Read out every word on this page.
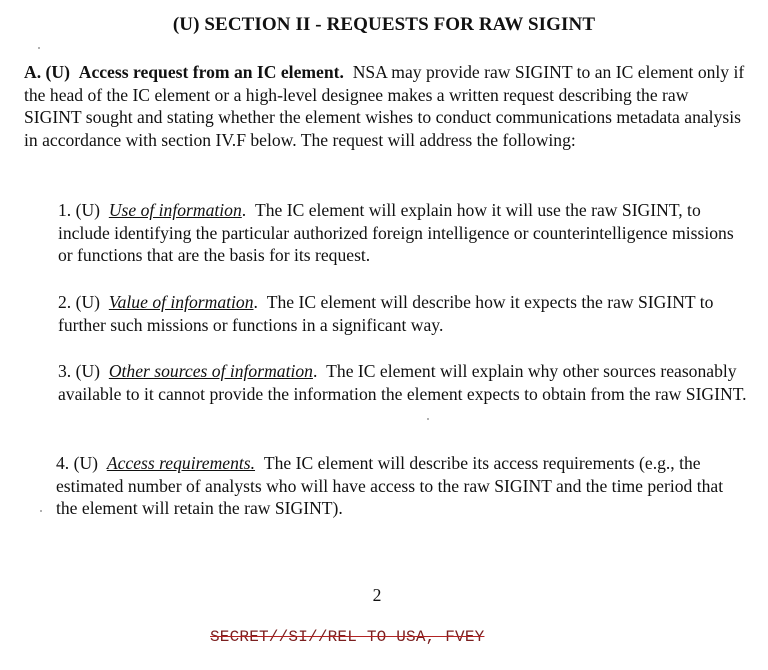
(U) SECTION II - REQUESTS FOR RAW SIGINT

A. (U) Access request from an IC element. NSA may provide raw SIGINT to an IC element only if the head of the IC element or a high-level designee makes a written request describing the raw SIGINT sought and stating whether the element wishes to conduct communications metadata analysis in accordance with section IV.F below. The request will address the following:

1. (U) Use of information.  The IC element will explain how it will use the raw SIGINT, to include identifying the particular authorized foreign intelligence or counterintelligence missions or functions that are the basis for its request.

2. (U) Value of information.  The IC element will describe how it expects the raw SIGINT to further such missions or functions in a significant way.

3. (U) Other sources of information.  The IC element will explain why other sources reasonably available to it cannot provide the information the element expects to obtain from the raw SIGINT.

4. (U) Access requirements. The IC element will describe its access requirements (e.g., the estimated number of analysts who will have access to the raw SIGINT and the time period that the element will retain the raw SIGINT).

2
SECRET//SI//REL TO USA, FVEY
